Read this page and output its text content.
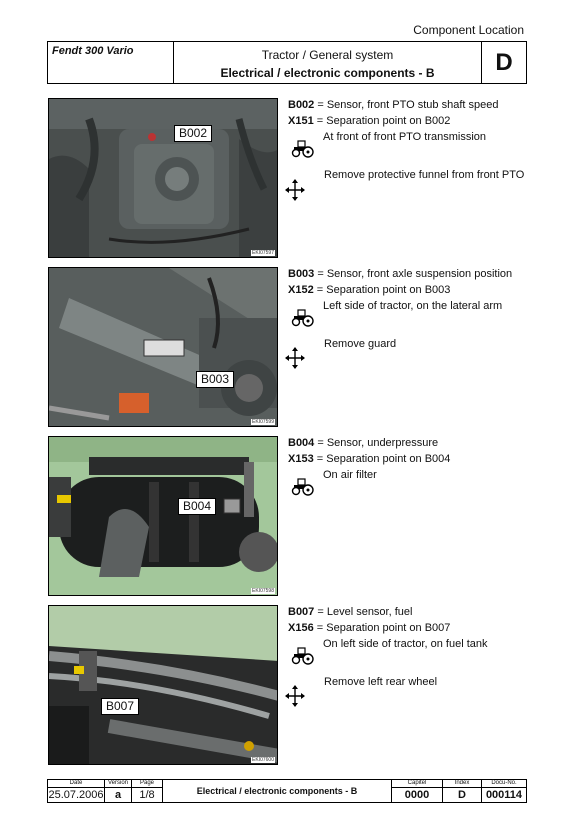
Component Location
Fendt 300 Vario	Tractor / General system
Electrical / electronic components - B	D
B002
EKI07597
B002 = Sensor, front PTO stub shaft speed
X151 = Separation point on B002
At front of front PTO transmission
Remove protective funnel from front PTO
B003
EKI07599
B003 = Sensor, front axle suspension position
X152 = Separation point on B003
Left side of tractor, on the lateral arm
Remove guard
B004
EKI07598
B004 = Sensor, underpressure
X153 = Separation point on B004
On air filter
B007
EKI07600
B007 = Level sensor, fuel
X156 = Separation point on B007
On left side of tractor, on fuel tank
Remove left rear wheel
Date	Version	Page	Electrical / electronic components - B	Capitel	Index	Docu-No.
25.07.2006	a	1/8		0000	D	000114
